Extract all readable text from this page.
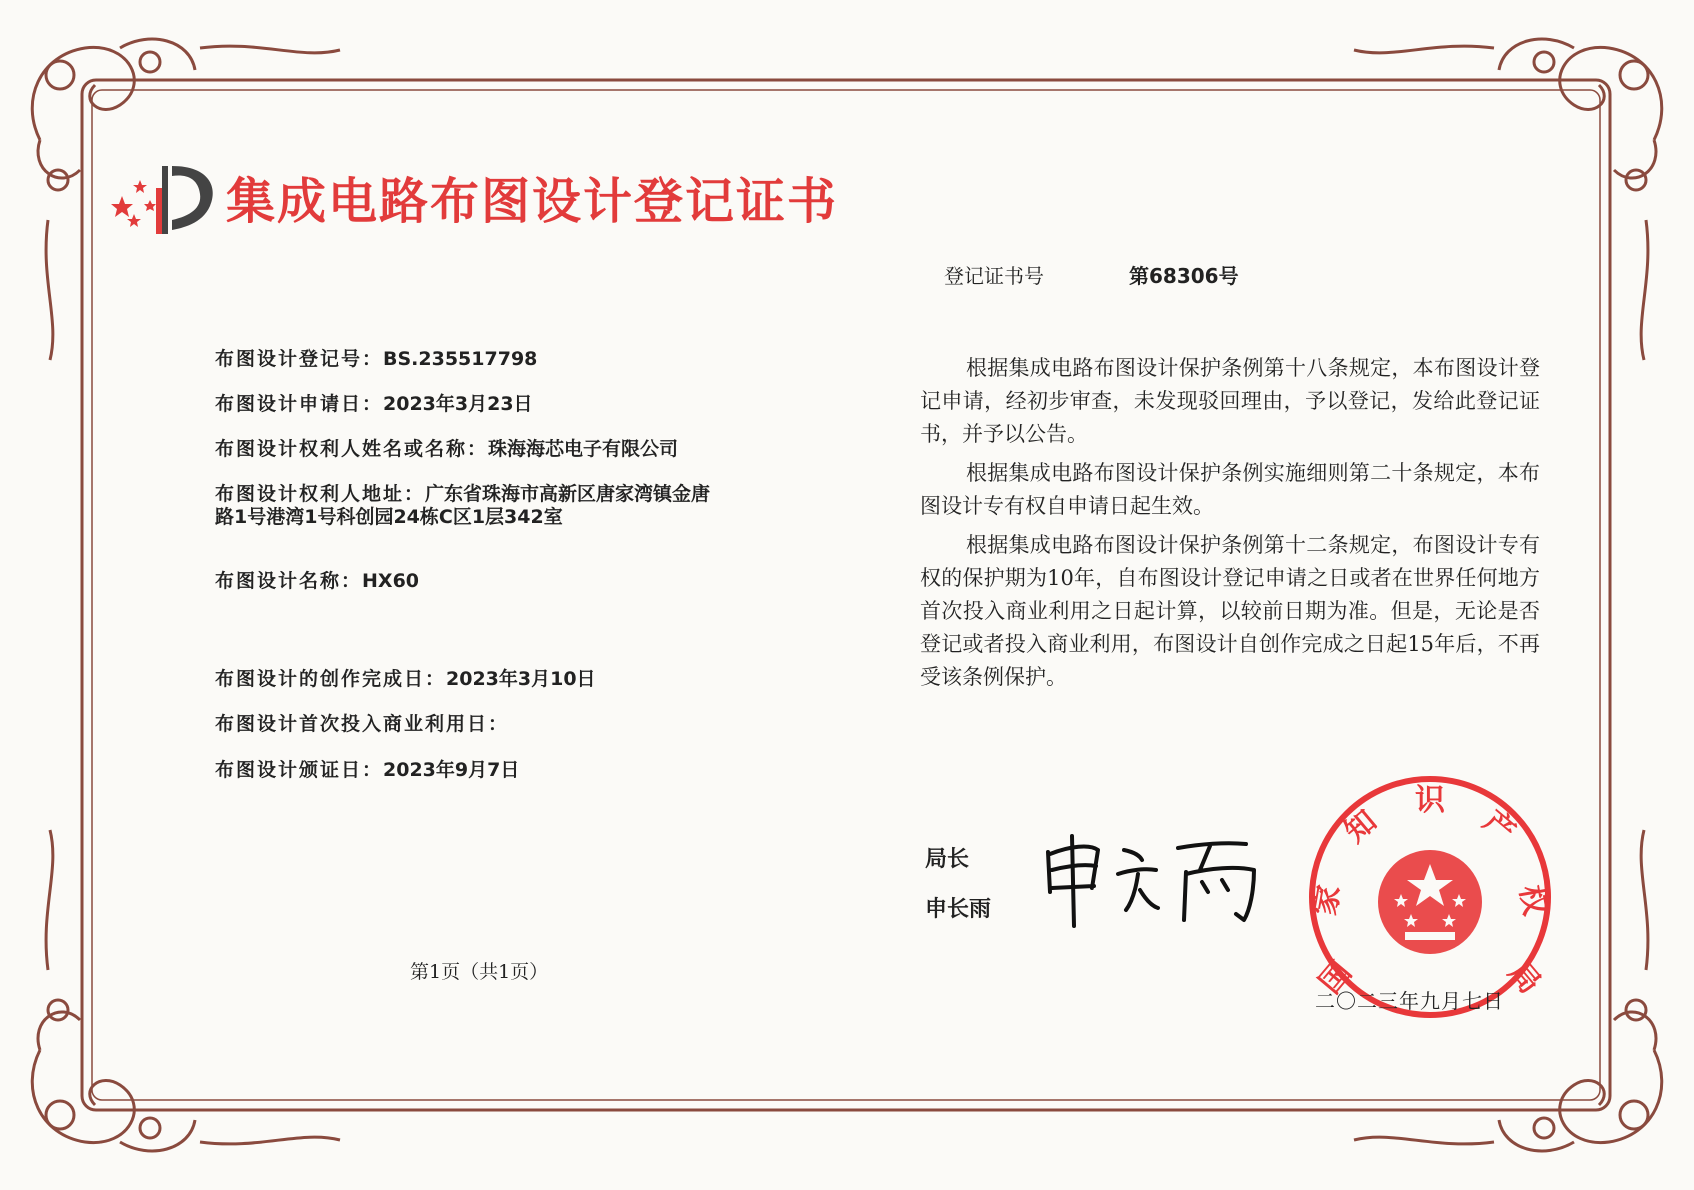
集成电路布图设计登记证书
登记证书号	第68306号
布图设计登记号：BS.235517798
布图设计申请日：2023年3月23日
布图设计权利人姓名或名称：珠海海芯电子有限公司
布图设计权利人地址：广东省珠海市高新区唐家湾镇金唐路1号港湾1号科创园24栋C区1层342室
布图设计名称：HX60
布图设计的创作完成日：2023年3月10日
布图设计首次投入商业利用日：
布图设计颁证日：2023年9月7日

根据集成电路布图设计保护条例第十八条规定，本布图设计登记申请，经初步审查，未发现驳回理由，予以登记，发给此登记证书，并予以公告。

根据集成电路布图设计保护条例实施细则第二十条规定，本布图设计专有权自申请日起生效。

根据集成电路布图设计保护条例第十二条规定，布图设计专有权的保护期为10年，自布图设计登记申请之日或者在世界任何地方首次投入商业利用之日起计算，以较前日期为准。但是，无论是否登记或者投入商业利用，布图设计自创作完成之日起15年后，不再受该条例保护。

局长
申长雨
国
家
知
识
产
权
局
二〇二三年九月七日
第1页（共1页）
